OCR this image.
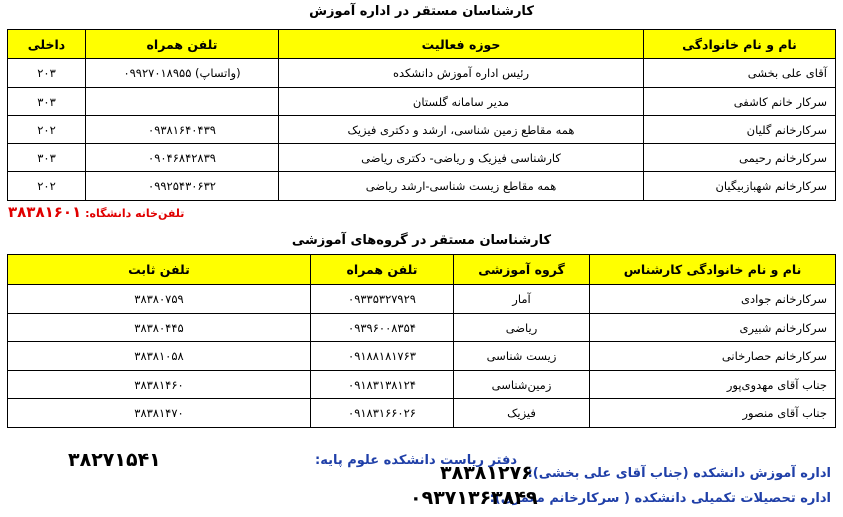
کارشناسان مستقر در اداره آموزش
نام و نام خانوادگی	حوزه فعالیت	تلفن همراه	داخلی
آقای علی بخشی	رئیس اداره آموزش دانشکده	(واتساپ) ۰۹۹۲۷۰۱۸۹۵۵	۲۰۳
سرکار خانم کاشفی	مدیر سامانه گلستان		۳۰۳
سرکارخانم گلیان	همه مقاطع زمین شناسی، ارشد و دکتری فیزیک	۰۹۳۸۱۶۴۰۴۳۹	۲۰۲
سرکارخانم رحیمی	کارشناسی فیزیک و ریاضی- دکتری ریاضی	۰۹۰۴۶۸۴۲۸۳۹	۳۰۳
سرکارخانم شهبازبیگیان	همه مقاطع زیست شناسی-ارشد ریاضی	۰۹۹۲۵۴۳۰۶۳۲	۲۰۲
تلفن‌خانه دانشگاه: ۳۸۳۸۱۶۰۱
کارشناسان مستقر در گروه‌های آموزشی
نام و نام خانوادگی کارشناس	گروه آموزشی	تلفن همراه	تلفن ثابت
سرکارخانم جوادی	آمار	۰۹۳۳۵۳۲۷۹۲۹	۳۸۳۸۰۷۵۹
سرکارخانم شبیری	ریاضی	۰۹۳۹۶۰۰۸۳۵۴	۳۸۳۸۰۴۴۵
سرکارخانم حصارخانی	زیست شناسی	۰۹۱۸۸۱۸۱۷۶۳	۳۸۳۸۱۰۵۸
جناب آقای مهدوی‌پور	زمین‌شناسی	۰۹۱۸۳۱۳۸۱۲۴	۳۸۳۸۱۴۶۰
جناب آقای منصور	فیزیک	۰۹۱۸۳۱۶۶۰۲۶	۳۸۳۸۱۴۷۰
دفتر ریاست دانشکده علوم پایه:
۳۸۲۷۱۵۴۱
اداره آموزش دانشکده (جناب آقای علی بخشی):
۳۸۳۸۱۲۷۶
اداره تحصیلات تکمیلی دانشکده ( سرکارخانم معمری):
۰۹۳۷۱۳۶۳۸۴۹
